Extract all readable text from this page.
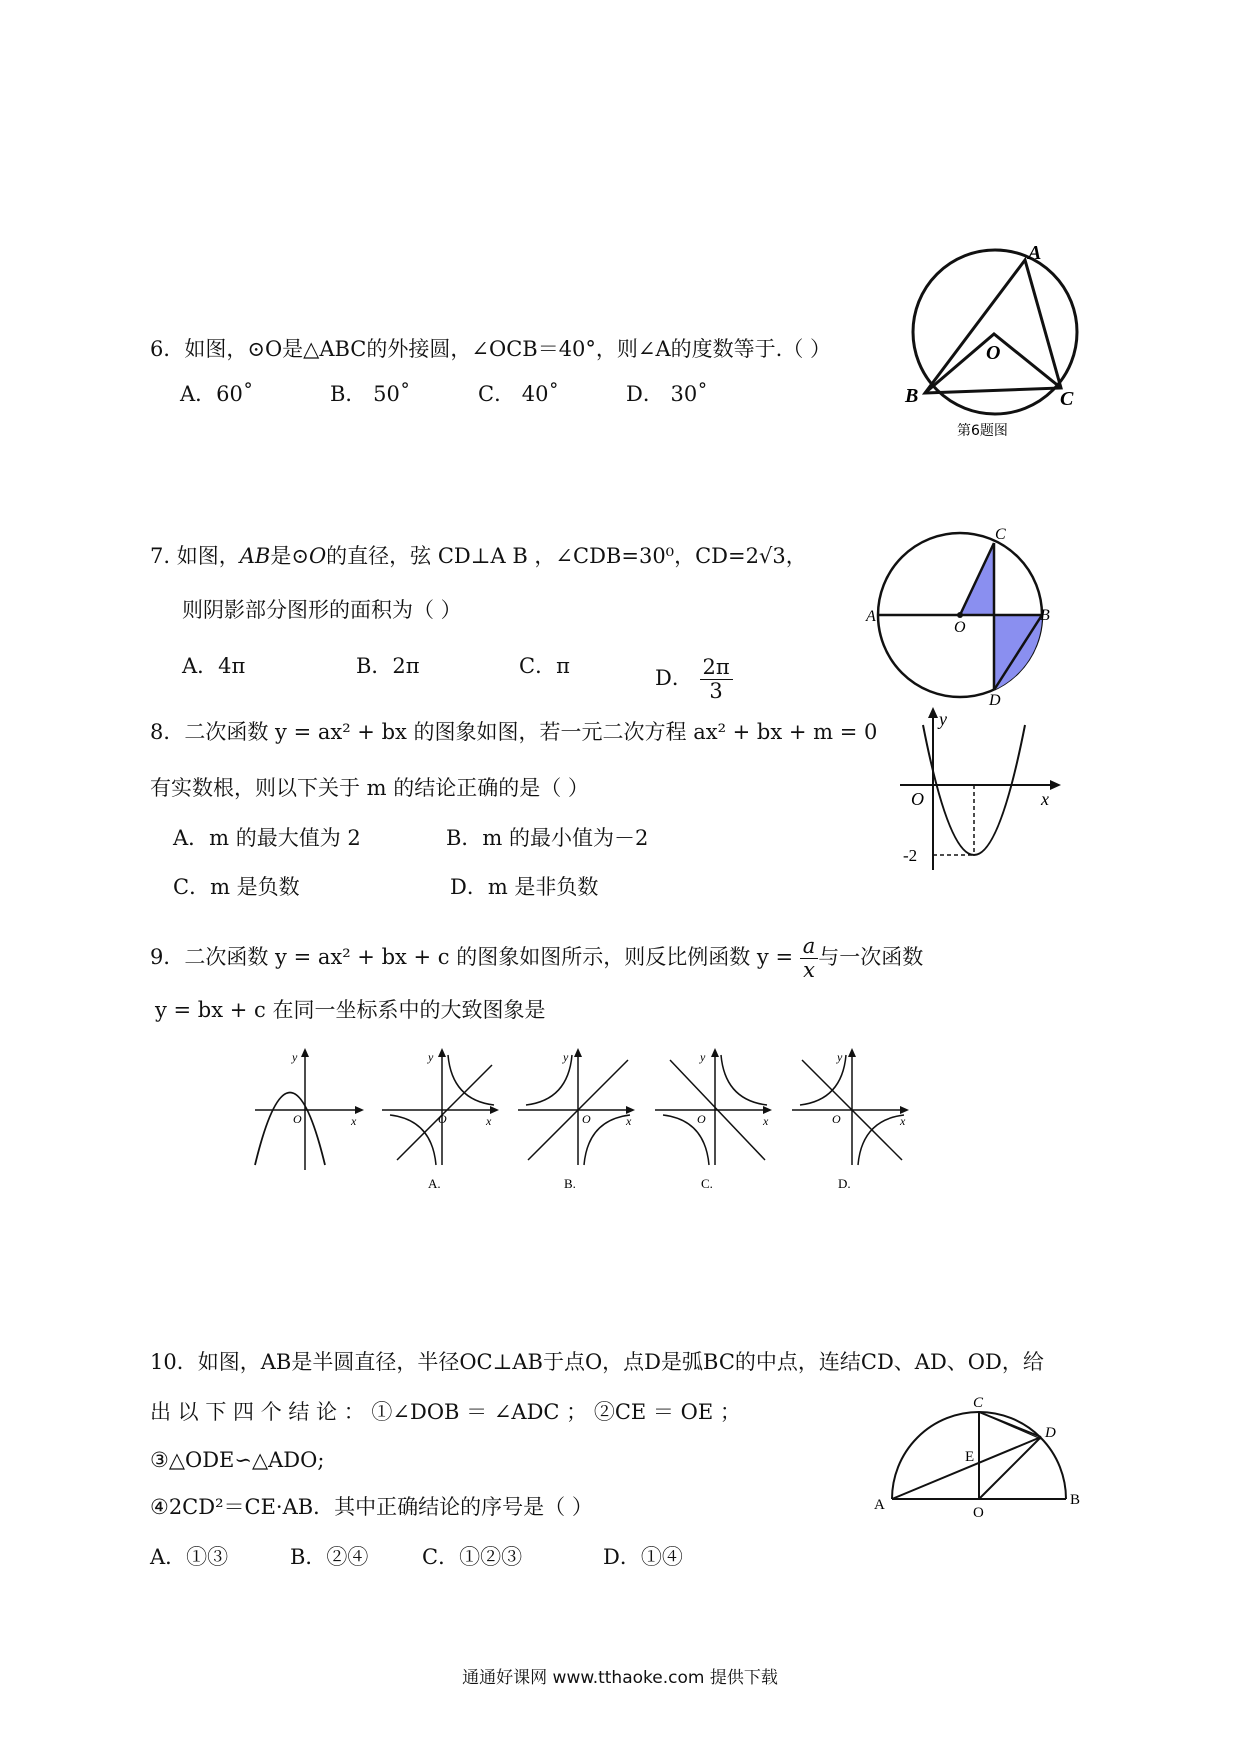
6．如图，⊙O是△ABC的外接圆，∠OCB＝40°，则∠A的度数等于.（ ）
A．60˚	B． 50˚	C． 40˚	D． 30˚
A
B	C
O
第6题图
7. 如图，AB是⊙O的直径，弦 CD⊥A B ，∠CDB=30⁰，CD=2√3，
则阴影部分图形的面积为（ ）
A．4π	B．2π	C．π
D． $\frac{2\pi}{3}$
A	B
C
D
O
8．二次函数 y = ax² + bx 的图象如图，若一元二次方程 ax² + bx + m = 0
有实数根，则以下关于 m 的结论正确的是（ ）
A．m 的最大值为 2	B．m 的最小值为－2
C．m 是负数	D．m 是非负数
y
x
O
-2
9．二次函数 y = ax² + bx + c 的图象如图所示，则反比例函数 $y = \frac{a}{x}$ 与一次函数
y = bx + c 在同一坐标系中的大致图象是
y
x
O
y
x
O
A.
y
x
O
B.
y
x
O
C.
y
x
O
D.
10．如图，AB是半圆直径，半径OC⊥AB于点O，点D是弧BC的中点，连结CD、AD、OD，给
出 以 下 四 个 结 论 ： ①∠DOB ＝ ∠ADC ； ②CE ＝ OE ；
③△ODE∽△ADO;
④2CD²＝CE·AB．其中正确结论的序号是（ ）
A．①③	B．②④	C．①②③	D．①④
A	B
C
D
E
O
通通好课网 www.tthaoke.com 提供下载
